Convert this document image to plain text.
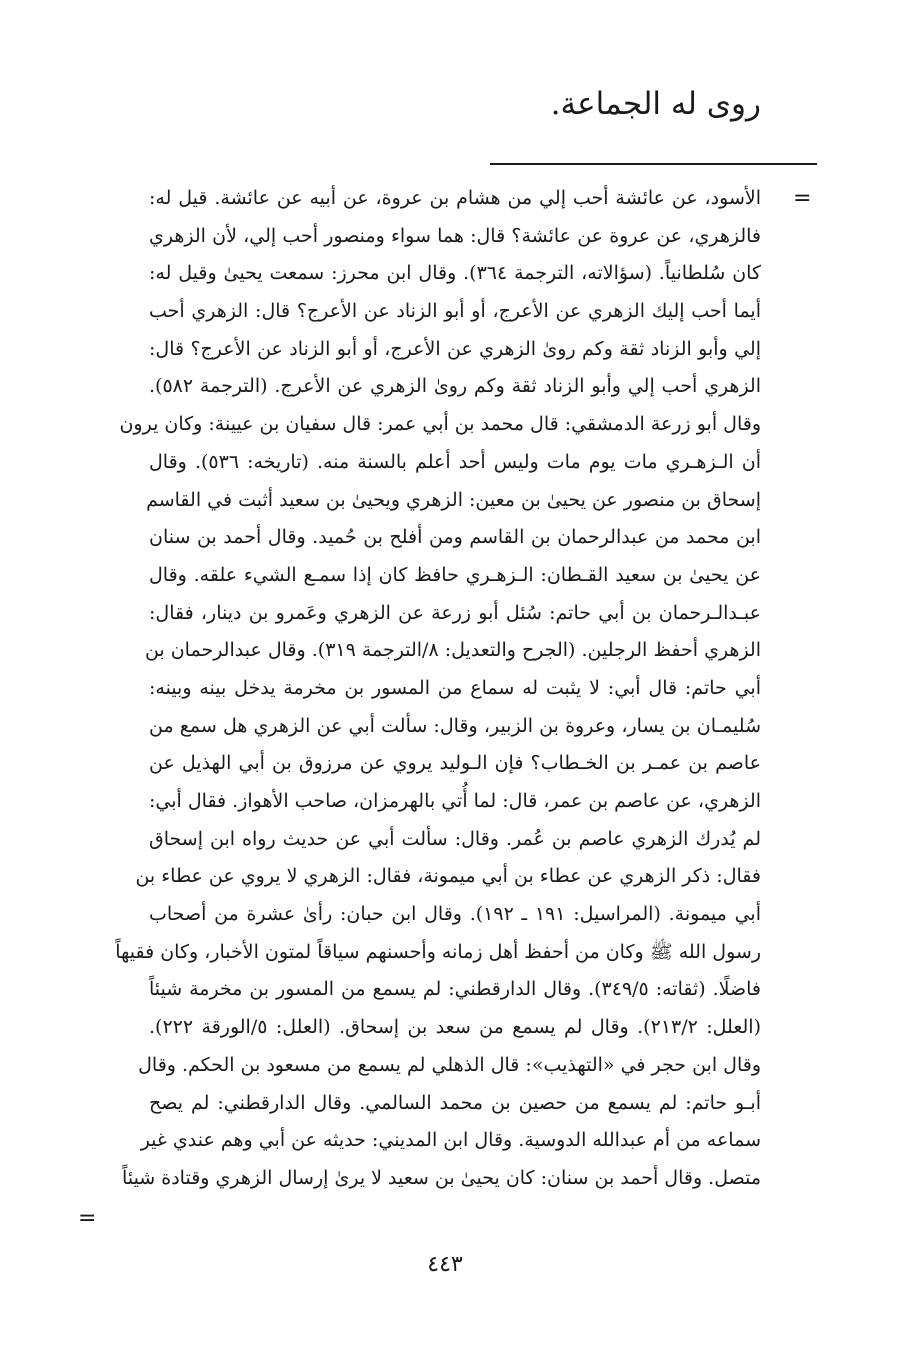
روى له الجماعة.
=
الأسود، عن عائشة أحب إلي من هشام بن عروة، عن أبيه عن عائشة. قيل له:
فالزهري، عن عروة عن عائشة؟ قال: هما سواء ومنصور أحب إلي، لأن الزهري
كان سُلطانياً. (سؤالاته، الترجمة ٣٦٤). وقال ابن محرز: سمعت يحيىٰ وقيل له:
أيما أحب إليك الزهري عن الأعرج، أو أبو الزناد عن الأعرج؟ قال: الزهري أحب
إلي وأبو الزناد ثقة وكم روىٰ الزهري عن الأعرج، أو أبو الزناد عن الأعرج؟ قال:
الزهري أحب إلي وأبو الزناد ثقة وكم روىٰ الزهري عن الأعرج. (الترجمة ٥٨٢).
وقال أبو زرعة الدمشقي: قال محمد بن أبي عمر: قال سفيان بن عيينة: وكان يرون
أن الـزهـري مات يوم مات وليس أحد أعلم بالسنة منه. (تاريخه: ٥٣٦). وقال
إسحاق بن منصور عن يحيىٰ بن معين: الزهري ويحيىٰ بن سعيد أثبت في القاسم
ابن محمد من عبدالرحمان بن القاسم ومن أفلح بن حُميد. وقال أحمد بن سنان
عن يحيىٰ بن سعيد القـطان: الـزهـري حافظ كان إذا سمـع الشيء علقه. وقال
عبـدالـرحمان بن أبي حاتم: سُئل أبو زرعة عن الزهري وعَمرو بن دينار، فقال:
الزهري أحفظ الرجلين. (الجرح والتعديل: ٨/الترجمة ٣١٩). وقال عبدالرحمان بن
أبي حاتم: قال أبي: لا يثبت له سماع من المسور بن مخرمة يدخل بينه وبينه:
سُليمـان بن يسار، وعروة بن الزبير، وقال: سألت أبي عن الزهري هل سمع من
عاصم بن عمـر بن الخـطاب؟ فإن الـوليد يروي عن مرزوق بن أبي الهذيل عن
الزهري، عن عاصم بن عمر، قال: لما أُتي بالهرمزان، صاحب الأهواز. فقال أبي:
لم يُدرك الزهري عاصم بن عُمر. وقال: سألت أبي عن حديث رواه ابن إسحاق
فقال: ذكر الزهري عن عطاء بن أبي ميمونة، فقال: الزهري لا يروي عن عطاء بن
أبي ميمونة. (المراسيل: ١٩١ ـ ١٩٢). وقال ابن حبان: رأىٰ عشرة من أصحاب
رسول الله ﷺ وكان من أحفظ أهل زمانه وأحسنهم سياقاً لمتون الأخبار، وكان فقيهاً
فاضلًا. (ثقاته: ٣٤٩/٥). وقال الدارقطني: لم يسمع من المسور بن مخرمة شيئاً
(العلل: ٢١٣/٢). وقال لم يسمع من سعد بن إسحاق. (العلل: ٥/الورقة ٢٢٢).
وقال ابن حجر في «التهذيب»: قال الذهلي لم يسمع من مسعود بن الحكم. وقال
أبـو حاتم: لم يسمع من حصين بن محمد السالمي. وقال الدارقطني: لم يصح
سماعه من أم عبدالله الدوسية. وقال ابن المديني: حديثه عن أبي وهم عندي غير
متصل. وقال أحمد بن سنان: كان يحيىٰ بن سعيد لا يرىٰ إرسال الزهري وقتادة شيئاً
=
٤٤٣
